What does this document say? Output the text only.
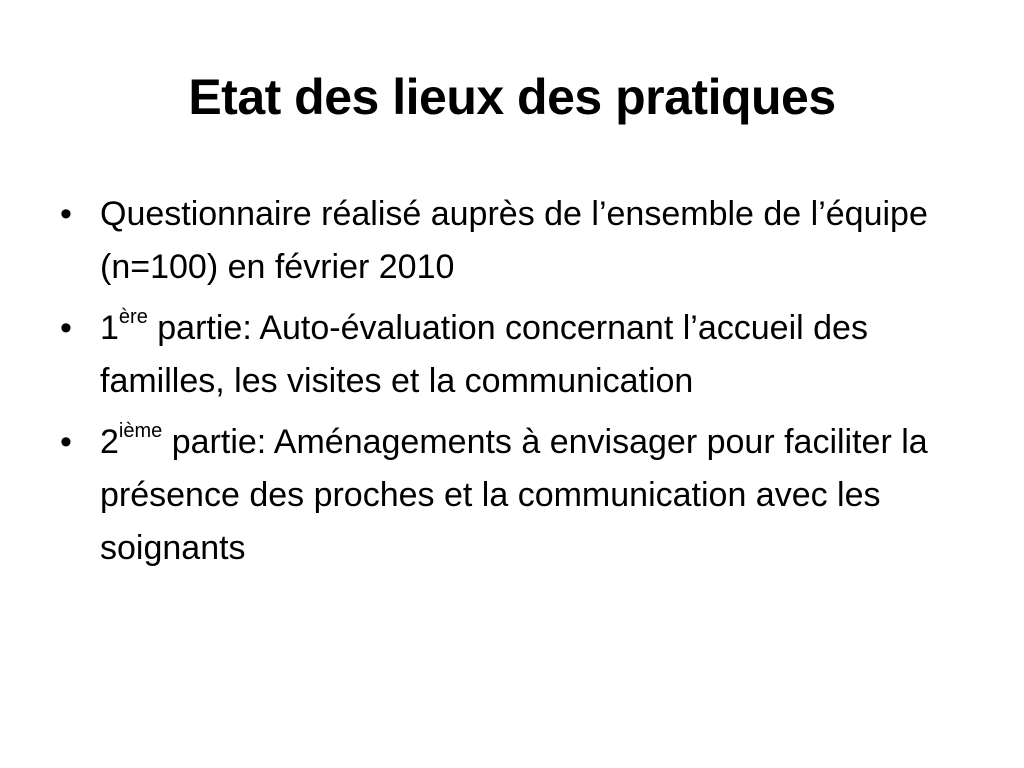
Etat des lieux des pratiques
• Questionnaire réalisé auprès de l’ensemble de l’équipe (n=100) en février 2010
• 1ère partie: Auto-évaluation concernant l’accueil des familles, les visites et la communication
• 2ième partie: Aménagements à envisager pour faciliter la présence des proches et la communication avec les soignants
